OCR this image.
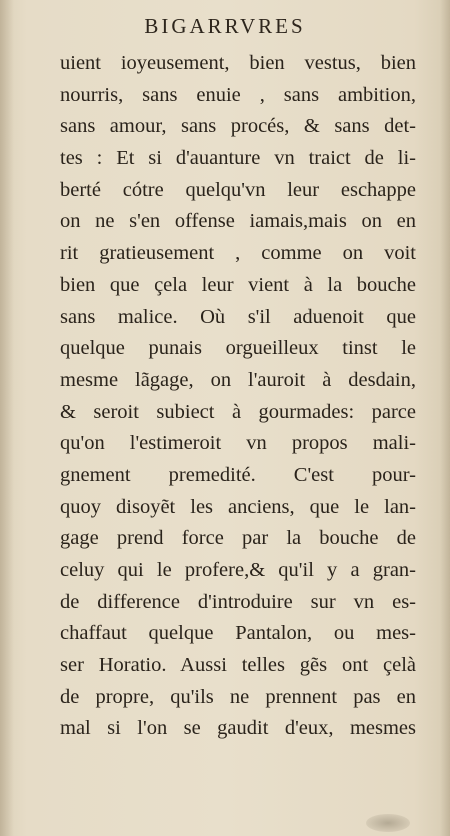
BIGARRVRES
uient ioyeusement, bien vestus, bien
nourris, sans enuie , sans ambition,
sans amour, sans procés, & sans det-
tes : Et si d'auanture vn traict de li-
berté cótre quelqu'vn leur eschappe
on ne s'en offense iamais,mais on en
rit gratieusement , comme on voit
bien que çela leur vient à la bouche
sans malice. Où s'il aduenoit que
quelque punais orgueilleux tinst le
mesme lãgage, on l'auroit à desdain,
& seroit subiect à gourmades: parce
qu'on l'estimeroit vn propos mali-
gnement premedité. C'est pour-
quoy disoyẽt les anciens, que le lan-
gage prend force par la bouche de
celuy qui le profere,& qu'il y a gran-
de difference d'introduire sur vn es-
chaffaut quelque Pantalon, ou mes-
ser Horatio. Aussi telles gẽs ont çelà
de propre, qu'ils ne prennent pas en
mal si l'on se gaudit d'eux, mesmes
